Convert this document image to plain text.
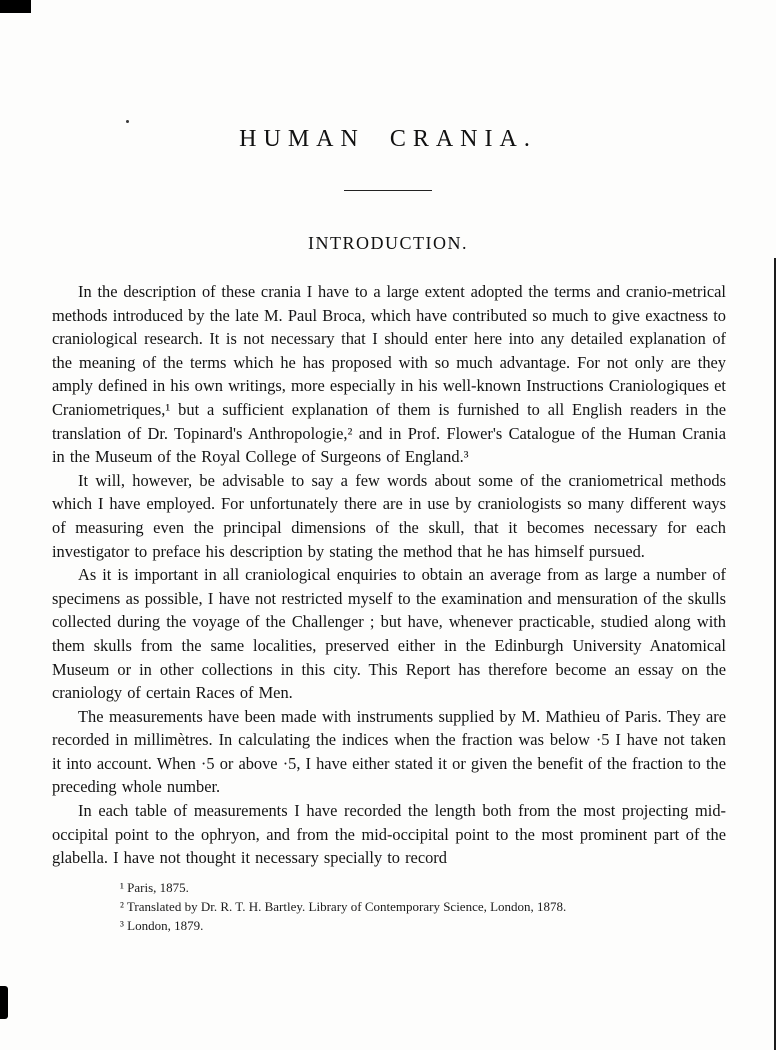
HUMAN CRANIA.
INTRODUCTION.

In the description of these crania I have to a large extent adopted the terms and cranio-metrical methods introduced by the late M. Paul Broca, which have contributed so much to give exactness to craniological research. It is not necessary that I should enter here into any detailed explanation of the meaning of the terms which he has proposed with so much advantage. For not only are they amply defined in his own writings, more especially in his well-known Instructions Craniologiques et Craniometriques,¹ but a sufficient explanation of them is furnished to all English readers in the translation of Dr. Topinard's Anthropologie,² and in Prof. Flower's Catalogue of the Human Crania in the Museum of the Royal College of Surgeons of England.³

It will, however, be advisable to say a few words about some of the craniometrical methods which I have employed. For unfortunately there are in use by craniologists so many different ways of measuring even the principal dimensions of the skull, that it becomes necessary for each investigator to preface his description by stating the method that he has himself pursued.

As it is important in all craniological enquiries to obtain an average from as large a number of specimens as possible, I have not restricted myself to the examination and mensuration of the skulls collected during the voyage of the Challenger ; but have, whenever practicable, studied along with them skulls from the same localities, preserved either in the Edinburgh University Anatomical Museum or in other collections in this city. This Report has therefore become an essay on the craniology of certain Races of Men.

The measurements have been made with instruments supplied by M. Mathieu of Paris. They are recorded in millimètres. In calculating the indices when the fraction was below ·5 I have not taken it into account. When ·5 or above ·5, I have either stated it or given the benefit of the fraction to the preceding whole number.

In each table of measurements I have recorded the length both from the most projecting mid-occipital point to the ophryon, and from the mid-occipital point to the most prominent part of the glabella. I have not thought it necessary specially to record

¹ Paris, 1875.
² Translated by Dr. R. T. H. Bartley. Library of Contemporary Science, London, 1878.
³ London, 1879.
